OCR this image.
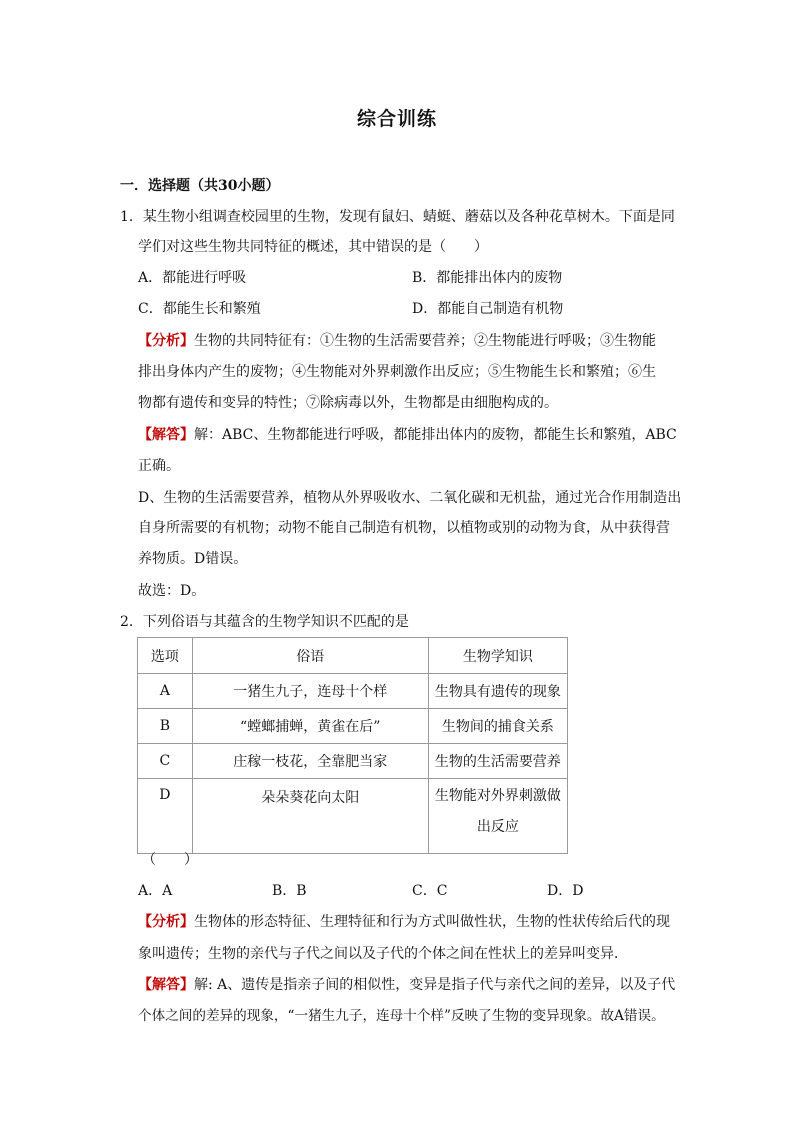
综合训练
一．选择题（共30小题）
1．某生物小组调查校园里的生物，发现有鼠妇、蜻蜓、蘑菇以及各种花草树木。下面是同
学们对这些生物共同特征的概述，其中错误的是（　　）
A．都能进行呼吸	B．都能排出体内的废物
C．都能生长和繁殖	D．都能自己制造有机物
【分析】生物的共同特征有：①生物的生活需要营养；②生物能进行呼吸；③生物能
排出身体内产生的废物；④生物能对外界刺激作出反应；⑤生物能生长和繁殖；⑥生
物都有遗传和变异的特性；⑦除病毒以外，生物都是由细胞构成的。
【解答】解：ABC、生物都能进行呼吸，都能排出体内的废物，都能生长和繁殖，ABC
正确。
D、生物的生活需要营养，植物从外界吸收水、二氧化碳和无机盐，通过光合作用制造出
自身所需要的有机物；动物不能自己制造有机物，以植物或别的动物为食，从中获得营
养物质。D错误。
故选：D。
2．下列俗语与其蕴含的生物学知识不匹配的是
选项	俗语	生物学知识
A	一猪生九子，连母十个样	生物具有遗传的现象
B	“螳螂捕蝉，黄雀在后”	生物间的捕食关系
C	庄稼一枝花，全靠肥当家	生物的生活需要营养
D	朵朵葵花向太阳	生物能对外界刺激做
出反应
（　　）
A．A	B．B	C．C	D．D
【分析】生物体的形态特征、生理特征和行为方式叫做性状，生物的性状传给后代的现
象叫遗传；生物的亲代与子代之间以及子代的个体之间在性状上的差异叫变异．
【解答】解: A、遗传是指亲子间的相似性，变异是指子代与亲代之间的差异，以及子代
个体之间的差异的现象，“一猪生九子，连母十个样”反映了生物的变异现象。故A错误。
